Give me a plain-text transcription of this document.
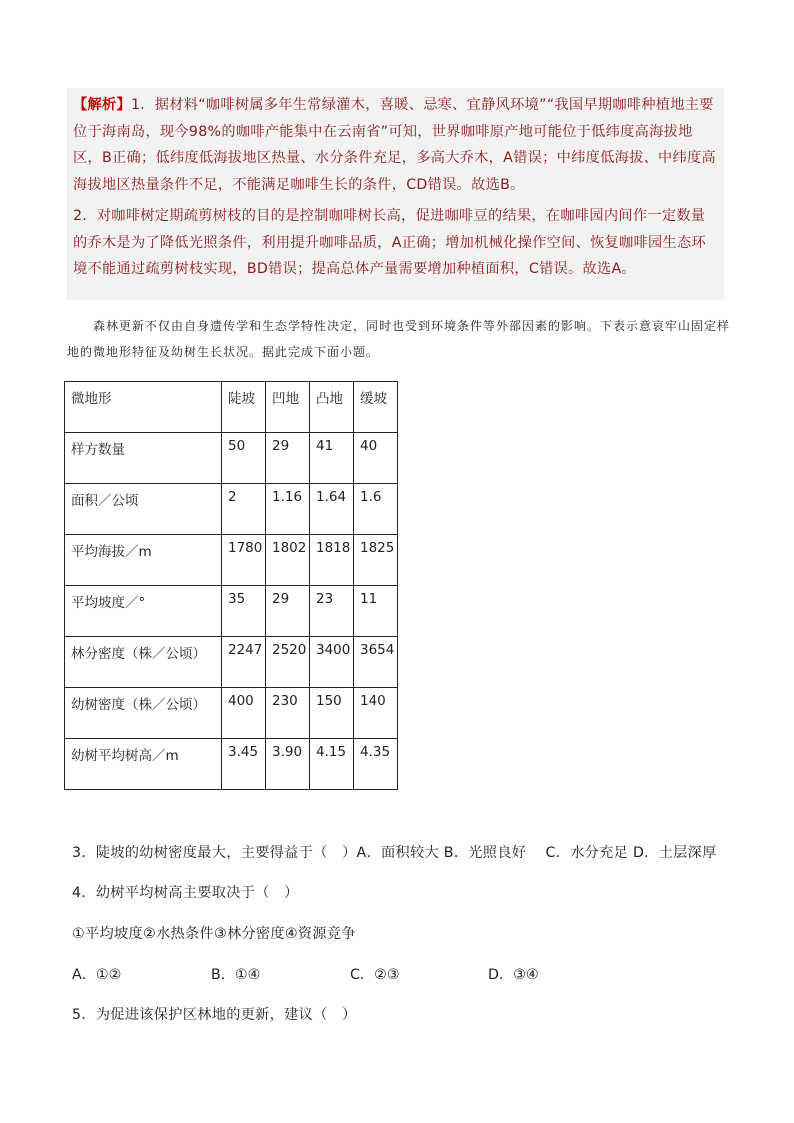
【解析】1．据材料“咖啡树属多年生常绿灌木，喜暖、忌寒、宜静风环境”“我国早期咖啡种植地主要位于海南岛，现今98%的咖啡产能集中在云南省”可知，世界咖啡原产地可能位于低纬度高海拔地区，B正确；低纬度低海拔地区热量、水分条件充足，多高大乔木，A错误；中纬度低海拔、中纬度高海拔地区热量条件不足，不能满足咖啡生长的条件，CD错误。故选B。

2．对咖啡树定期疏剪树枝的目的是控制咖啡树长高，促进咖啡豆的结果，在咖啡园内间作一定数量的乔木是为了降低光照条件，利用提升咖啡品质，A正确；增加机械化操作空间、恢复咖啡园生态环境不能通过疏剪树枝实现，BD错误；提高总体产量需要增加种植面积，C错误。故选A。

森林更新不仅由自身遗传学和生态学特性决定，同时也受到环境条件等外部因素的影响。下表示意哀牢山固定样地的微地形特征及幼树生长状况。据此完成下面小题。
微地形	陡坡	凹地	凸地	缓坡
样方数量	50	29	41	40
面积／公顷	2	1.16	1.64	1.6
平均海拔／m	1780	1802	1818	1825
平均坡度／°	35	29	23	11
林分密度（株／公顷）	2247	2520	3400	3654
幼树密度（株／公顷）	400	230	150	140
幼树平均树高／m	3.45	3.90	4.15	4.35
3．陡坡的幼树密度最大，主要得益于（   ）A．面积较大 B．光照良好    C．水分充足 D．土层深厚
4．幼树平均树高主要取决于（   ）
①平均坡度②水热条件③林分密度④资源竞争
A．①②	B．①④	C．②③	D．③④
5．为促进该保护区林地的更新，建议（   ）
